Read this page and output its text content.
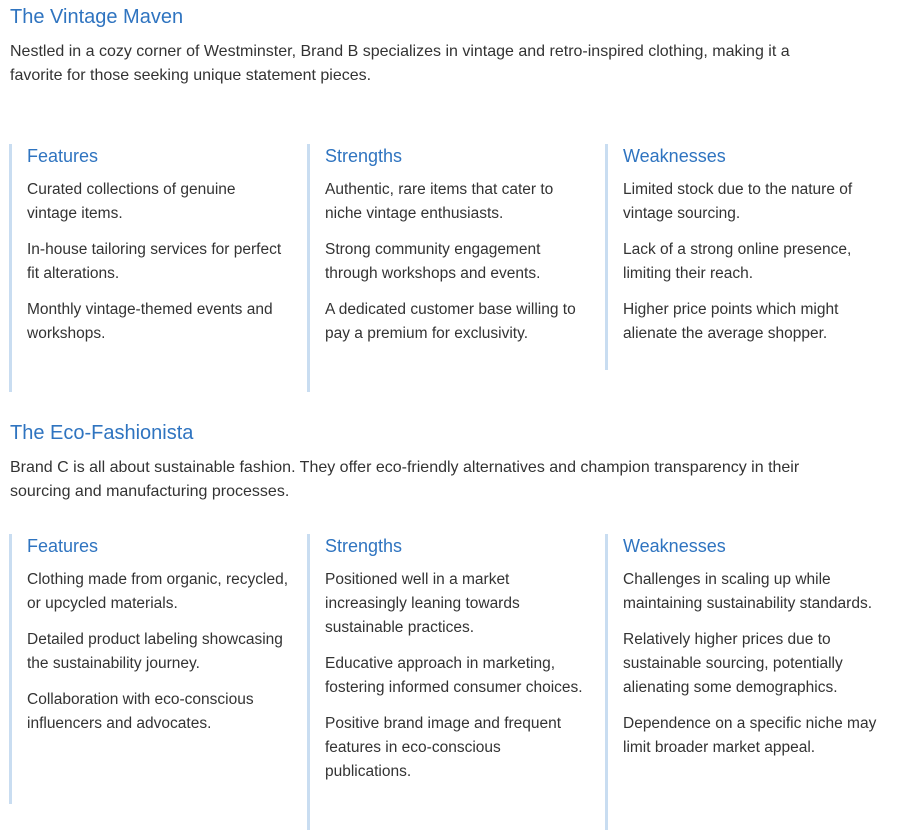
The Vintage Maven

Nestled in a cozy corner of Westminster, Brand B specializes in vintage and retro-inspired clothing, making it a favorite for those seeking unique statement pieces.

Features
Curated collections of genuine vintage items.
In-house tailoring services for perfect fit alterations.
Monthly vintage-themed events and workshops.
Strengths
Authentic, rare items that cater to niche vintage enthusiasts.
Strong community engagement through workshops and events.
A dedicated customer base willing to pay a premium for exclusivity.
Weaknesses
Limited stock due to the nature of vintage sourcing.
Lack of a strong online presence, limiting their reach.
Higher price points which might alienate the average shopper.
The Eco-Fashionista

Brand C is all about sustainable fashion. They offer eco-friendly alternatives and champion transparency in their sourcing and manufacturing processes.

Features
Clothing made from organic, recycled, or upcycled materials.
Detailed product labeling showcasing the sustainability journey.
Collaboration with eco-conscious influencers and advocates.
Strengths
Positioned well in a market increasingly leaning towards sustainable practices.
Educative approach in marketing, fostering informed consumer choices.
Positive brand image and frequent features in eco-conscious publications.
Weaknesses
Challenges in scaling up while maintaining sustainability standards.
Relatively higher prices due to sustainable sourcing, potentially alienating some demographics.
Dependence on a specific niche may limit broader market appeal.
